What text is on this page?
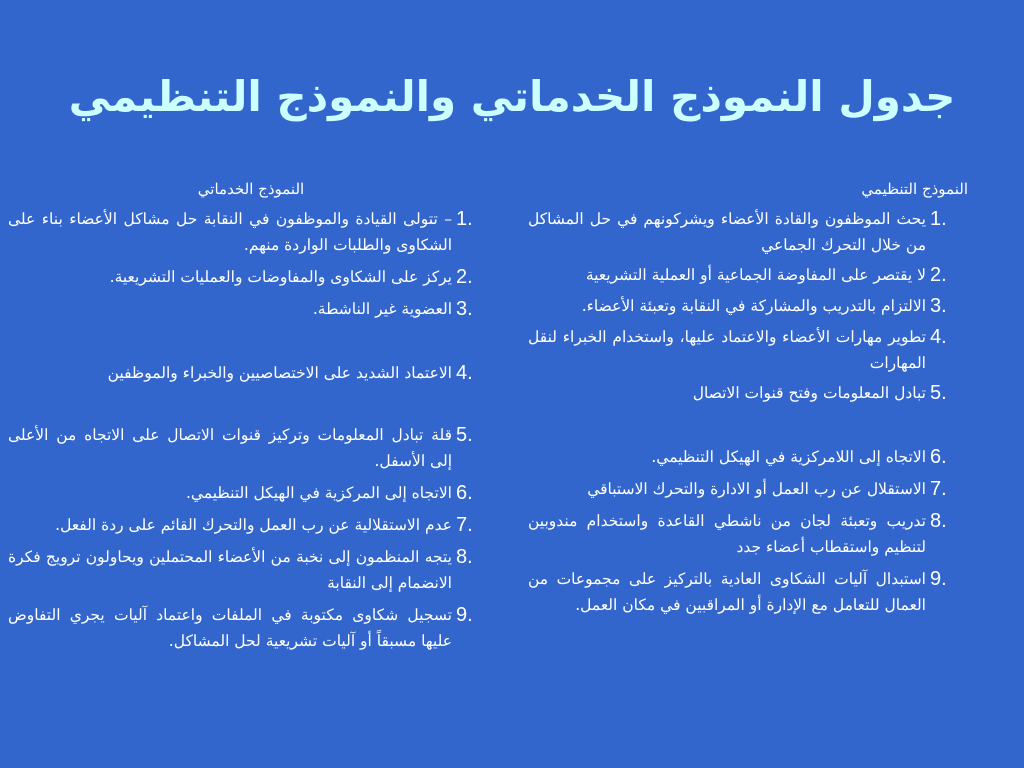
جدول النموذج الخدماتي والنموذج التنظيمي
النموذج التنظيمي
1.
يحث الموظفون والقادة الأعضاء ويشركونهم في حل المشاكل من خلال التحرك الجماعي
2.
لا يقتصر على المفاوضة الجماعية أو العملية التشريعية
3.
الالتزام بالتدريب والمشاركة في النقابة وتعبئة الأعضاء.
4.
تطوير مهارات الأعضاء والاعتماد عليها، واستخدام الخبراء لنقل المهارات
5.
تبادل المعلومات وفتح قنوات الاتصال
6.
الاتجاه إلى اللامركزية في الهيكل التنظيمي.
7.
الاستقلال عن رب العمل أو الادارة والتحرك الاستباقي
8.
تدريب وتعبئة لجان من ناشطي القاعدة واستخدام مندوبين لتنظيم واستقطاب أعضاء جدد
9.
استبدال آليات الشكاوى العادية بالتركيز على مجموعات من العمال للتعامل مع الإدارة أو المراقبين في مكان العمل.
النموذج الخدماتي
1.
– تتولى القيادة والموظفون في النقابة حل مشاكل الأعضاء بناء على الشكاوى والطلبات الواردة منهم.
2.
يركز على الشكاوى والمفاوضات والعمليات التشريعية.
3.
العضوية غير الناشطة.
4.
الاعتماد الشديد على الاختصاصيين والخبراء والموظفين
5.
قلة تبادل المعلومات وتركيز قنوات الاتصال على الاتجاه من الأعلى إلى الأسفل.
6.
الاتجاه إلى المركزية في الهيكل التنظيمي.
7.
عدم الاستقلالية عن رب العمل والتحرك القائم على ردة الفعل.
8.
يتجه المنظمون إلى نخبة من الأعضاء المحتملين ويحاولون ترويج فكرة الانضمام إلى النقابة
9.
تسجيل شكاوى مكتوبة في الملفات واعتماد آليات يجري التفاوض عليها مسبقاً أو آليات تشريعية لحل المشاكل.
